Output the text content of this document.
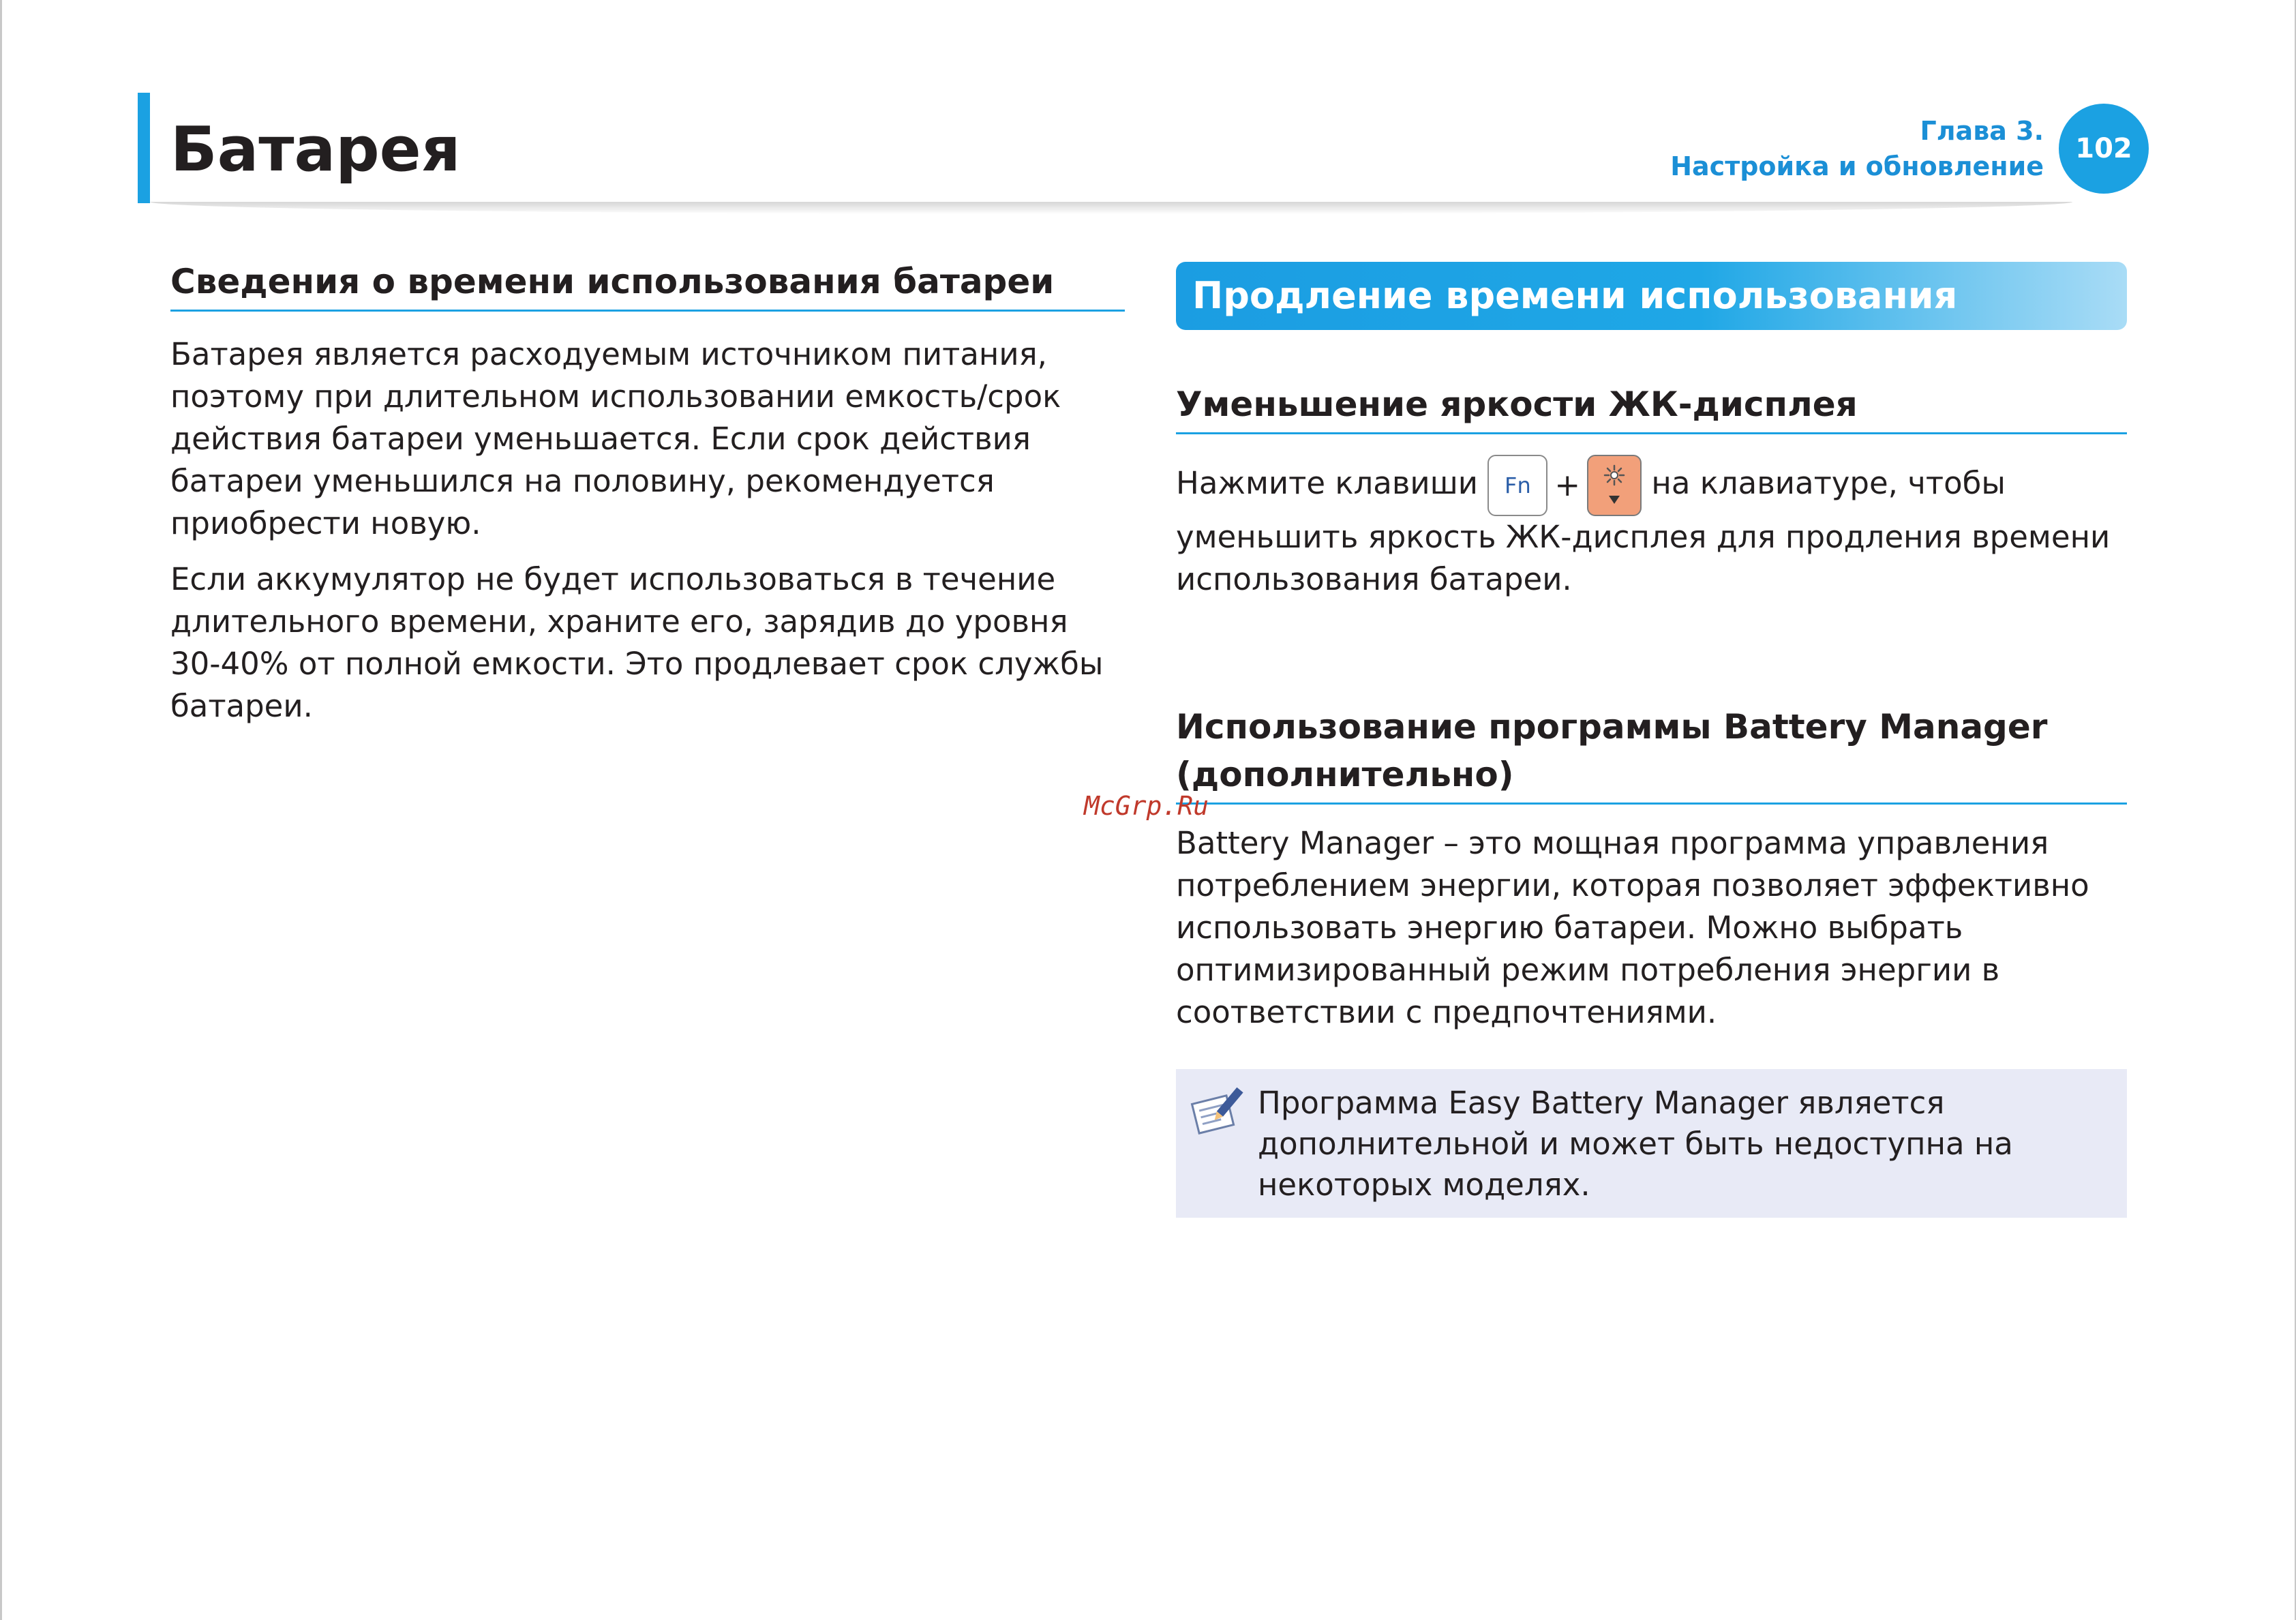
Батарея	Глава 3.
Настройка и обновление
102
Сведения о времени использования батареи

Батарея является расходуемым источником питания, поэтому при длительном использовании емкость/срок действия батареи уменьшается. Если срок действия батареи уменьшился на половину, рекомендуется приобрести новую.

Если аккумулятор не будет использоваться в течение длительного времени, храните его, зарядив до уровня 30-40% от полной емкости. Это продлевает срок службы батареи.

Продление времени использования батареи
Уменьшение яркости ЖК-дисплея

Нажмите клавиши Fn + на клавиатуре, чтобы уменьшить яркость ЖК-дисплея для продления времени использования батареи.

Использование программы Battery Manager
(дополнительно)

Battery Manager – это мощная программа управления потреблением энергии, которая позволяет эффективно использовать энергию батареи. Можно выбрать оптимизированный режим потребления энергии в соответствии с предпочтениями.

Программа Easy Battery Manager является дополнительной и может быть недоступна на некоторых моделях.

McGrp.Ru
